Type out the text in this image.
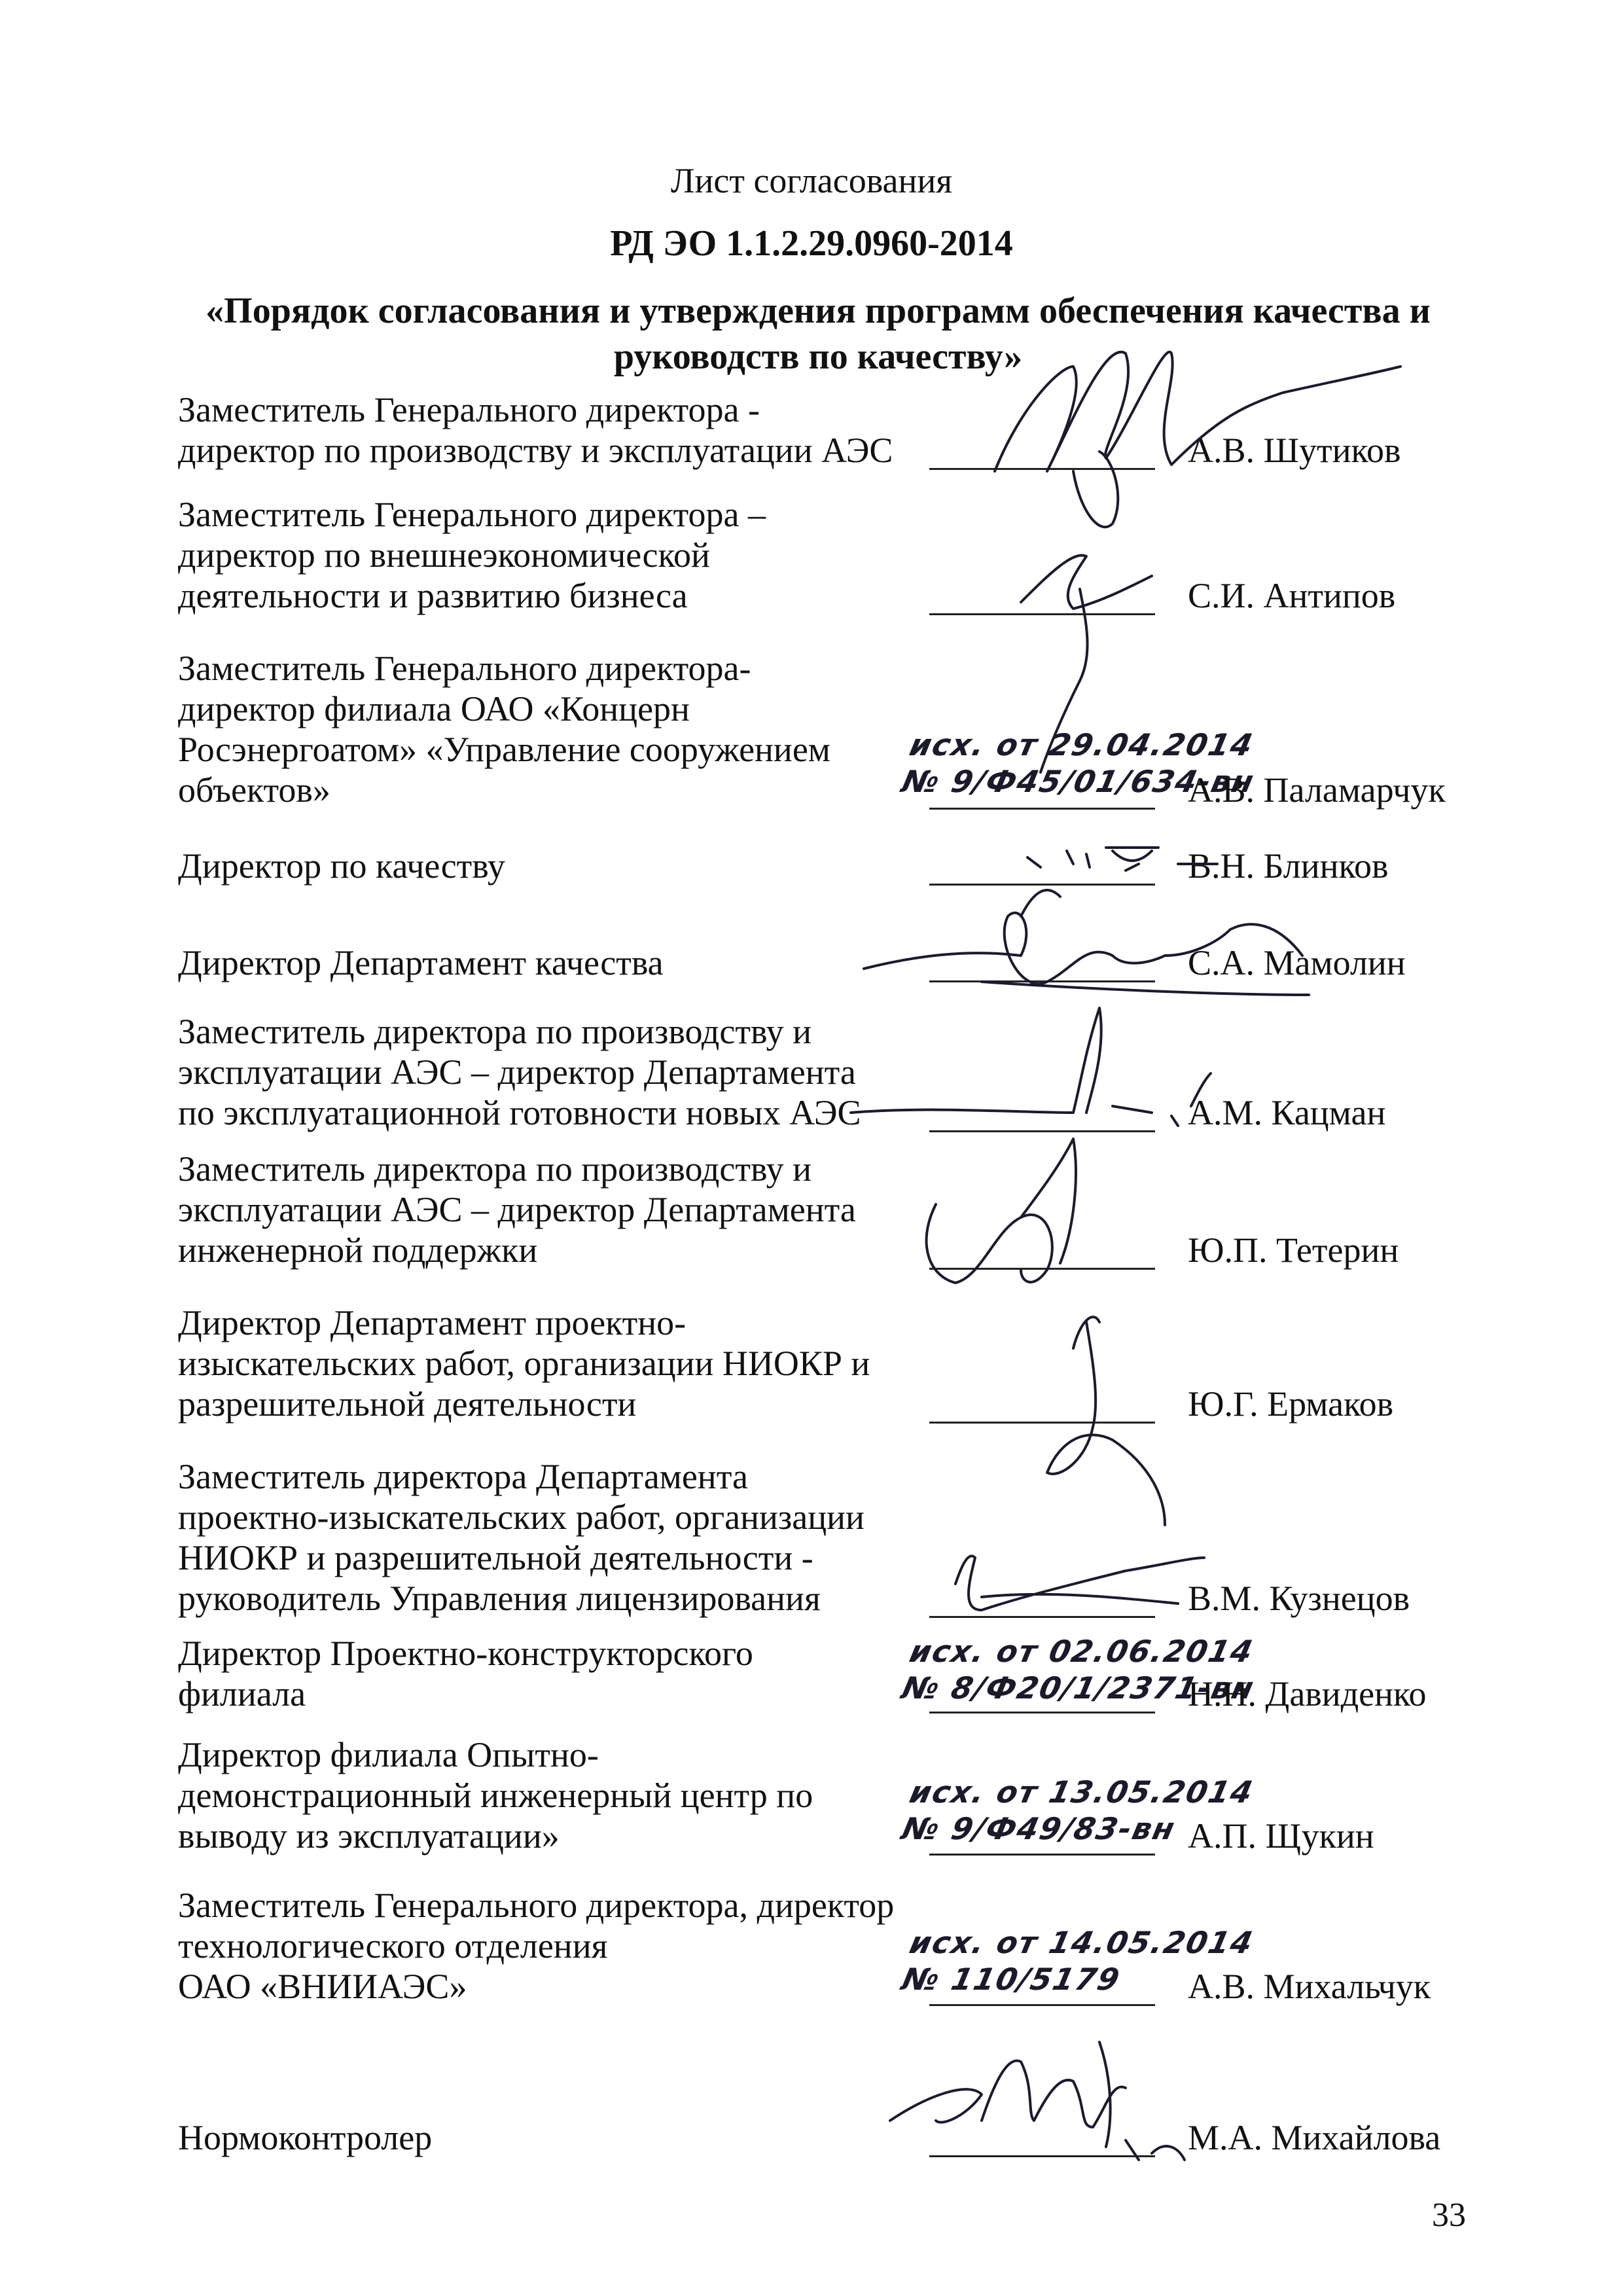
Лист согласования
РД ЭО 1.1.2.29.0960-2014
«Порядок согласования и утверждения программ обеспечения качества и
руководств по качеству»
Заместитель Генерального директора -
директор по производству и эксплуатации АЭС	А.В. Шутиков
Заместитель Генерального директора –
директор по внешнеэкономической
деятельности и развитию бизнеса	С.И. Антипов
Заместитель Генерального директора-
директор филиала ОАО «Концерн
Росэнергоатом» «Управление сооружением
объектов»
исх. от 29.04.2014
№ 9/Ф45/01/634-вн
А.В. Паламарчук
Директор по качеству	В.Н. Блинков
Директор Департамент качества	С.А. Мамолин
Заместитель директора по производству и
эксплуатации АЭС – директор Департамента
по эксплуатационной готовности новых АЭС	А.М. Кацман
Заместитель директора по производству и
эксплуатации АЭС – директор Департамента
инженерной поддержки	Ю.П. Тетерин
Директор Департамент проектно-
изыскательских работ, организации НИОКР и
разрешительной деятельности	Ю.Г. Ермаков
Заместитель директора Департамента
проектно-изыскательских работ, организации
НИОКР и разрешительной деятельности -
руководитель Управления лицензирования	В.М. Кузнецов
Директор Проектно-конструкторского
филиала
исх. от 02.06.2014
№ 8/Ф20/1/2371-вн
Н.Н. Давиденко
Директор филиала Опытно-
демонстрационный инженерный центр по
выводу из эксплуатации»
исх. от 13.05.2014
№ 9/Ф49/83-вн А.П. Щукин
Заместитель Генерального директора, директор
технологического отделения
ОАО «ВНИИАЭС»
исх. от 14.05.2014
№ 110/5179	А.В. Михальчук
Нормоконтролер	М.А. Михайлова
33
